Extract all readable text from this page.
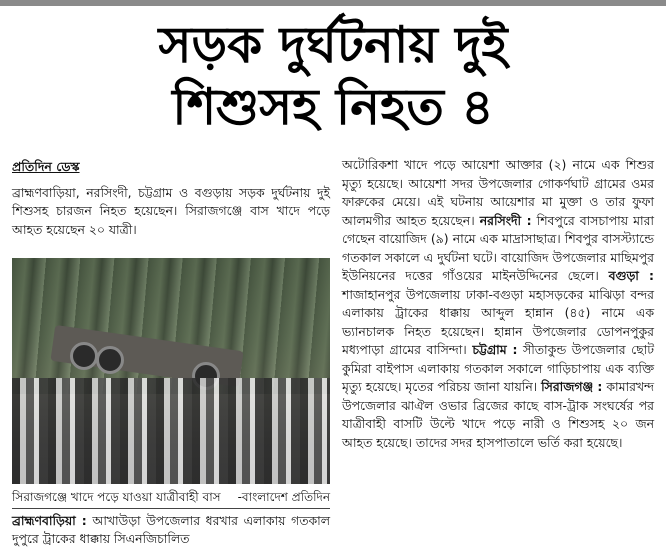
সড়ক দুর্ঘটনায় দুই
শিশুসহ নিহত ৪
প্রতিদিন ডেস্ক

ব্রাহ্মণবাড়িয়া, নরসিংদী, চট্টগ্রাম ও বগুড়ায় সড়ক দুর্ঘটনায় দুই শিশুসহ চারজন নিহত হয়েছেন। সিরাজগঞ্জে বাস খাদে পড়ে আহত হয়েছেন ২০ যাত্রী।

সিরাজগঞ্জে খাদে পড়ে যাওয়া যাত্রীবাহী বাস -বাংলাদেশ প্রতিদিন
ব্রাহ্মণবাড়িয়া : আখাউড়া উপজেলার ধরখার এলাকায় গতকাল দুপুরে ট্রাকের ধাক্কায় সিএনজিচালিত

অটোরিকশা খাদে পড়ে আয়েশা আক্তার (২) নামে এক শিশুর মৃত্যু হয়েছে। আয়েশা সদর উপজেলার গোকর্ণঘাট গ্রামের ওমর ফারুকের মেয়ে। এই ঘটনায় আয়েশার মা মুক্তা ও তার ফুফা আলমগীর আহত হয়েছেন। নরসিংদী : শিবপুরে বাসচাপায় মারা গেছেন বায়োজিদ (৯) নামে এক মাদ্রাসাছাত্র। শিবপুর বাসস্ট্যান্ডে গতকাল সকালে এ দুর্ঘটনা ঘটে। বায়োজিদ উপজেলার মাছিমপুর ইউনিয়নের দত্তের গাঁওয়ের মাইনউদ্দিনের ছেলে। বগুড়া : শাজাহানপুর উপজেলায় ঢাকা-বগুড়া মহাসড়কের মাঝিড়া বন্দর এলাকায় ট্রাকের ধাক্কায় আব্দুল হান্নান (৪৫) নামে এক ভ্যানচালক নিহত হয়েছেন। হান্নান উপজেলার ডোপনপুকুর মধ্যপাড়া গ্রামের বাসিন্দা। চট্টগ্রাম : সীতাকুন্ড উপজেলার ছোট কুমিরা বাইপাস এলাকায় গতকাল সকালে গাড়িচাপায় এক ব্যক্তি মৃত্যু হয়েছে। মৃতের পরিচয় জানা যায়নি। সিরাজগঞ্জ : কামারখন্দ উপজেলার ঝাঐল ওভার ব্রিজের কাছে বাস-ট্রাক সংঘর্ষের পর যাত্রীবাহী বাসটি উল্টে খাদে পড়ে নারী ও শিশুসহ ২০ জন আহত হয়েছে। তাদের সদর হাসপাতালে ভর্তি করা হয়েছে।
